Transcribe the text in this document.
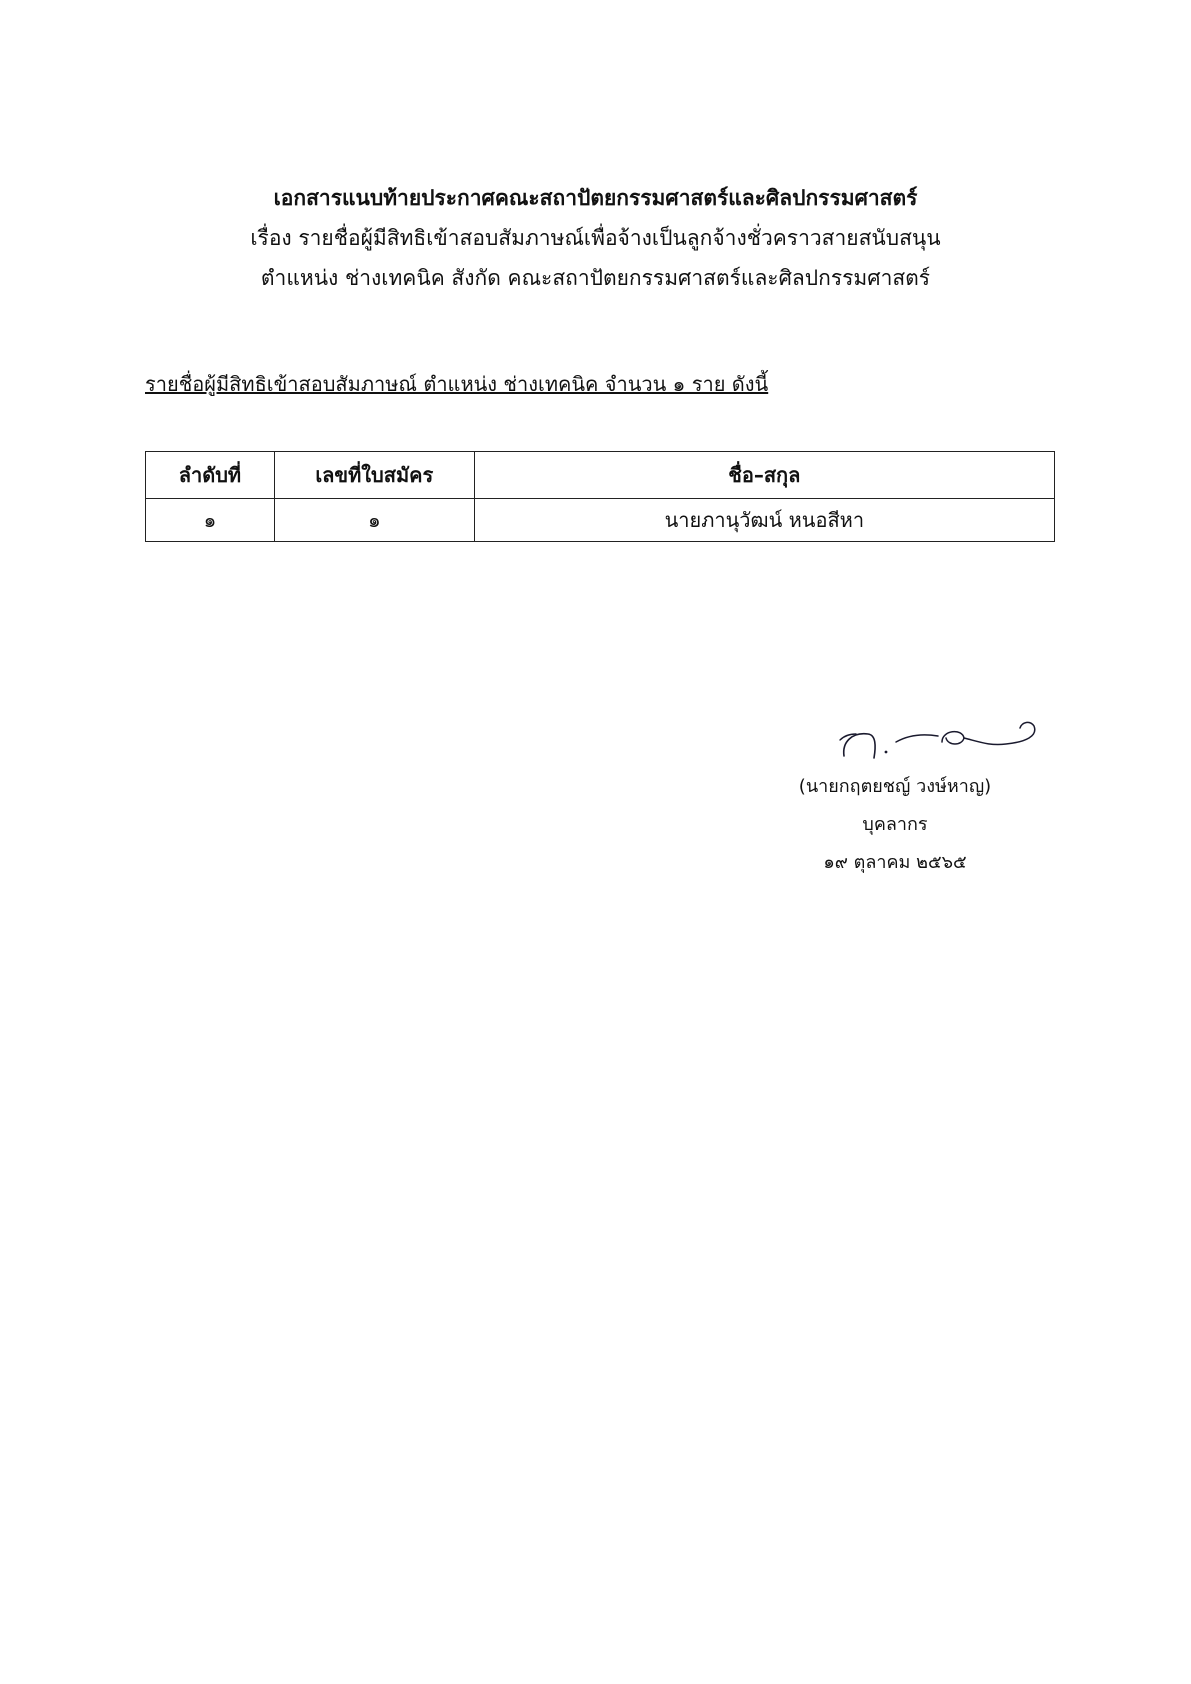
เอกสารแนบท้ายประกาศคณะสถาปัตยกรรมศาสตร์และศิลปกรรมศาสตร์
เรื่อง รายชื่อผู้มีสิทธิเข้าสอบสัมภาษณ์เพื่อจ้างเป็นลูกจ้างชั่วคราวสายสนับสนุน
ตำแหน่ง ช่างเทคนิค สังกัด คณะสถาปัตยกรรมศาสตร์และศิลปกรรมศาสตร์
รายชื่อผู้มีสิทธิเข้าสอบสัมภาษณ์ ตำแหน่ง ช่างเทคนิค จำนวน ๑ ราย ดังนี้
ลำดับที่	เลขที่ใบสมัคร	ชื่อ–สกุล
๑	๑	นายภานุวัฒน์ หนอสีหา
(นายกฤตยชญ์ วงษ์หาญ)
บุคลากร
๑๙ ตุลาคม ๒๕๖๕
